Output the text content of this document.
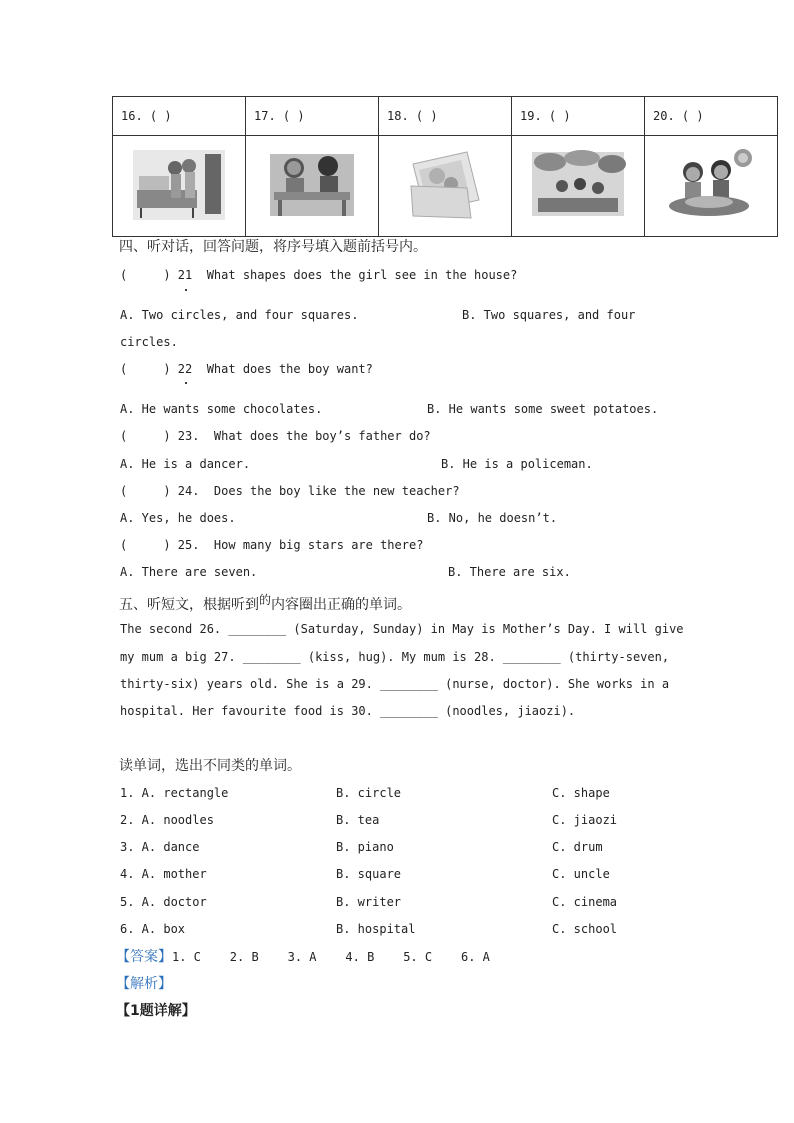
16. ( )	17. ( )	18. ( )	19. ( )	20. ( )

四、听对话，回答问题，将序号填入题前括号内。
(     ) 21  What shapes does the girl see in the house?
A. Two circles, and four squares.	B. Two squares, and four
circles.
(     ) 22  What does the boy want?
A. He wants some chocolates.	B. He wants some sweet potatoes.
(     ) 23.  What does the boy’s father do?
A. He is a dancer.	B. He is a policeman.
(     ) 24.  Does the boy like the new teacher?
A. Yes, he does.	B. No, he doesn’t.
(     ) 25.  How many big stars are there?
A. There are seven.	B. There are six.
五、听短文，根据听到的内容圈出正确的单词。
The second 26. ________ (Saturday, Sunday) in May is Mother’s Day. I will give
my mum a big 27. ________ (kiss, hug). My mum is 28. ________ (thirty-seven,
thirty-six) years old. She is a 29. ________ (nurse, doctor). She works in a
hospital. Her favourite food is 30. ________ (noodles, jiaozi).
读单词，选出不同类的单词。
1. A. rectangle	B. circle	C. shape
2. A. noodles	B. tea	C. jiaozi
3. A. dance	B. piano	C. drum
4. A. mother	B. square	C. uncle
5. A. doctor	B. writer	C. cinema
6. A. box	B. hospital	C. school
【答案】1. C    2. B    3. A    4. B    5. C    6. A
【解析】
【1题详解】
